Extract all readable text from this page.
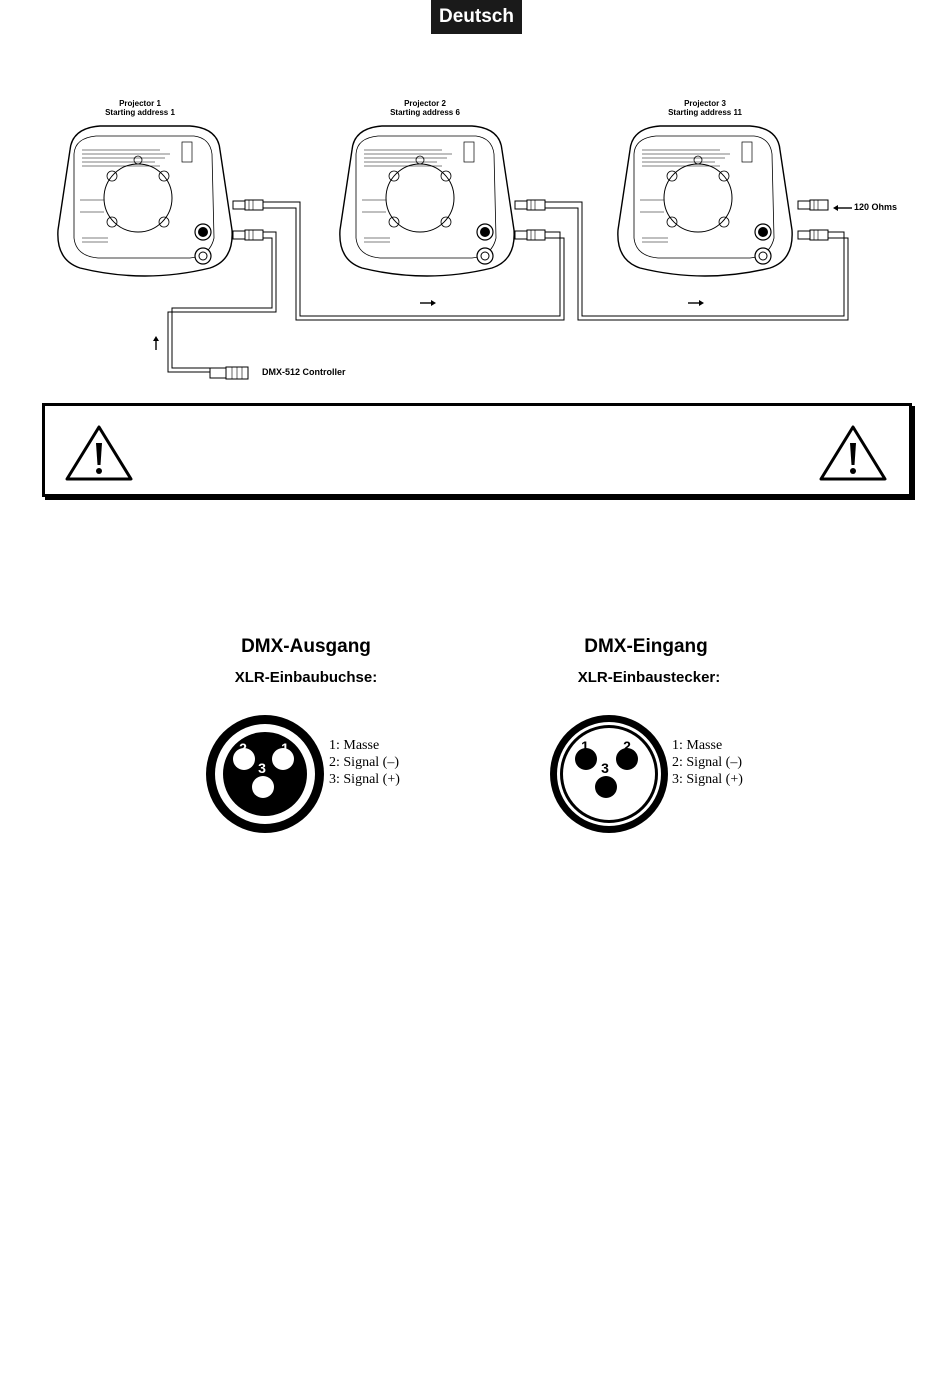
Deutsch
Projector 1
Starting address 1
Projector 2
Starting address 6
Projector 3
Starting address 11
120 Ohms
DMX-512 Controller
DMX-Ausgang
XLR-Einbaubuchse:
2 1
3
1: Masse
2: Signal (–)
3: Signal (+)
DMX-Eingang
XLR-Einbaustecker:
1 2
3
1: Masse
2: Signal (–)
3: Signal (+)
